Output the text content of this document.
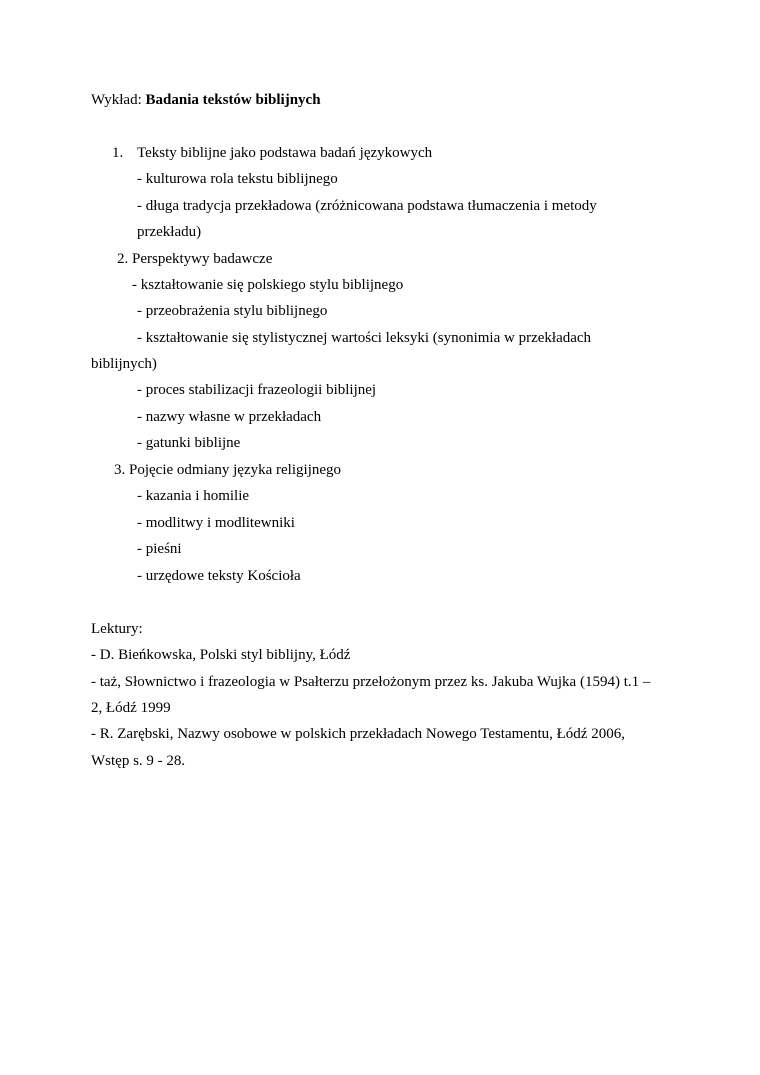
Wykład: Badania tekstów biblijnych
1. Teksty biblijne jako podstawa badań językowych
- kulturowa rola tekstu biblijnego
- długa tradycja przekładowa (zróżnicowana podstawa tłumaczenia i metody
przekładu)
2. Perspektywy badawcze
- kształtowanie się polskiego stylu biblijnego
- przeobrażenia stylu biblijnego
- kształtowanie się stylistycznej wartości leksyki (synonimia w przekładach
biblijnych)
- proces stabilizacji frazeologii biblijnej
- nazwy własne w przekładach
- gatunki biblijne
3. Pojęcie odmiany języka religijnego
- kazania i homilie
- modlitwy i modlitewniki
- pieśni
- urzędowe teksty Kościoła
Lektury:
- D. Bieńkowska, Polski styl biblijny, Łódź
- taż, Słownictwo i frazeologia w Psałterzu przełożonym przez ks. Jakuba Wujka (1594) t.1 –
2, Łódź 1999
- R. Zarębski, Nazwy osobowe w polskich przekładach Nowego Testamentu, Łódź 2006,
Wstęp s. 9 - 28.
